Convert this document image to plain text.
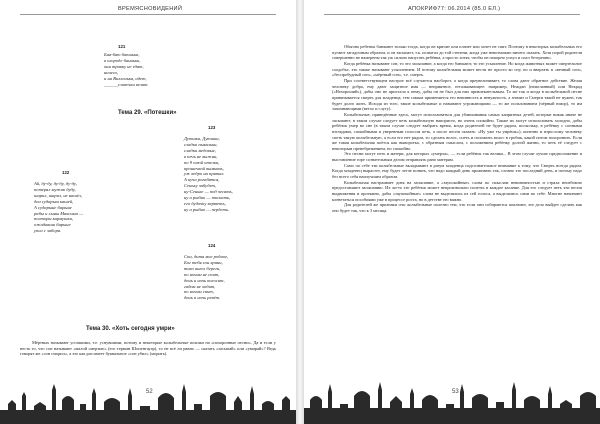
ВРЕМЯСНОВИДЕНИЙ
121

Бая-баю баюньки,

в огороде баиньки,

они травку не едят,

ничего,

и на Вилленька, идет,

______словечки велит.

Тема 29. «Потешки»
123

Дуюшки, Дуюшки,

сладки пыкольки,

сладки медовые,

в печь не выжни,

по 9 плюй отелки,

крошечкой вымыть,

уж ведро на прятал.

А куча рогабятся,

Сеньку забудет,

ну-Сеньке — под чесать,

ну а рыбно — тоскать,

его дудочку вертеть,

ну а рыбно — пердеть.

122

Ай, ду-ду, ду-ду, ду-ду,

потерял мужик дуду,

шарил, шарил, не нашёл,

дал сударым кашей,

А сударыне барыне

рабы и сыны Максима —

полторы кармушки,

ожидавши барыне

упал с забора.

124

Спи, дитя мое родное,

Бог тебя сон храни,

тихо ангел береги,

по ночам не спит,

день и ночь колосит,

гадом не ходит,

по ночам спит,

день и ночь ревёт.

Тема 30. «Хоть сегодня умри»

Мёртвых называют усопшими, т.е. уснувшими, потому и некоторые колыбельные похожи на «похоронные песни». Да и если у несть то, что сон называют «малой смертью» (его термин Шопенгауэр), то не всё ли равно — сказать «засыпай» или «умирай»? Ведь говорят же «сон сморил», а это как раз имеет буквальное «сон убил» (морить).

52
АПОКРИФ77: 06.2014 (85.0 ЕЛ.)

Обычно ребенок баюкают только тогда, когда он кричит или плачет или хочет не спит. Поэтому в некоторых колыбельных его пугают загадочным образом, и он засыпает, т.к. испытал до той степени, когда уже невозможно ничего сказать. Хотя порой родители совершенно не намерены так уж сильно напугать ребёнка, а просто хотят, чтобы он покорно уснул и спал безгрешно.

Когда ребёнка называют сон, то это засыпание, а когда его баюкают, то это усыпление. Но когда животных может смертельное сходобье, это также называют усыплением. И потому колыбельная может вести не просто ко сну, но и ввергать в «вечный сон», «беспробудный сон», «мёртвый сон», т.е. смерть.

При соответствующем настрое всё случается наоборот, а когда преувеличивает, то слова дают обратное действие. Желая человеку добра, ему дают защитное имя — неприятное, отталкивающее: например, Неждан (нежеланный) или Некрад («Нехороший»), дабы оно не пристало к нему, дабы он не был для них привлекательным. То же так и когда в колыбельной песне привязывается смерть для младенца, тем самым применяется его невинность и ненужность, а значит и Смерти такой не нужен, так будет долго жить. Исходя из того, такие колыбельные и называют угрожающими — то же пользованием (чёрный юмор), то им запомнающими (ветхо и слугу).

Колыбельные, приведённые здесь, могут использоваться для убаюкивания самых капризных детей, которые никак иначе не засыпают; в таком случае следует петь колыбельную напористо, но очень спокойно. Также их могут использовать холодно, дабы ребёнок умер во сне (в таком случае следует выбрать время, когда родителей не будет рядом, поскольку, в ребёнку с сонными взглядами, спокойными и уверенным голосом петь, а после песни сказать: «Ну уже ты умрёшь»); конечно и взрослому человеку спеть такую колыбельную, а если его нет рядом, то сделать волос, спеть и положить волос в гробик, какой потом похоронить. Если же такая колыбельная поётся как выворотка, с обратным смыслом, с положением ребёнку долгой жизни, то петь её следует с некоторым пренебрежением, но спокойно.

Это песни могут петь и матери, для которых «умерла», — если ребёнок так велика... В этом случае лучше предположение и выставление горе сознательным делом отправлять рано матерям.

Само по себе эти колыбельные вкладывают в разум младенца подсознательное внимание к тому, что Смерть всегда рядом. Когда младенец вырастет, ему будет легче понять, что надо каждый день проживать так, словно это последний день, и потому надо без всего себя наилучшим образом.

Колыбельная настраивает дитя на засыпание, а «заупокойные» слова по смыслам невиновностью и страха неизбежно предоставляют засыпанию. Их ли-то это ребёнок может непроизвольно полезть в каждое касание. Для его следует петь эти песни выдвижения и протяжно, дабы «заупокойные» слова не выделялись из сей голоса, а выделялись сами по себе. Многие начинают клеветаться пособиями уже в процессе роста, но в детстве это важно.

Для родителей же признаки сна: колыбельные полезно тем, что если они собираются поклюют, это дело выйдет сделать как оно будет так, что к 3 месяца.

53
